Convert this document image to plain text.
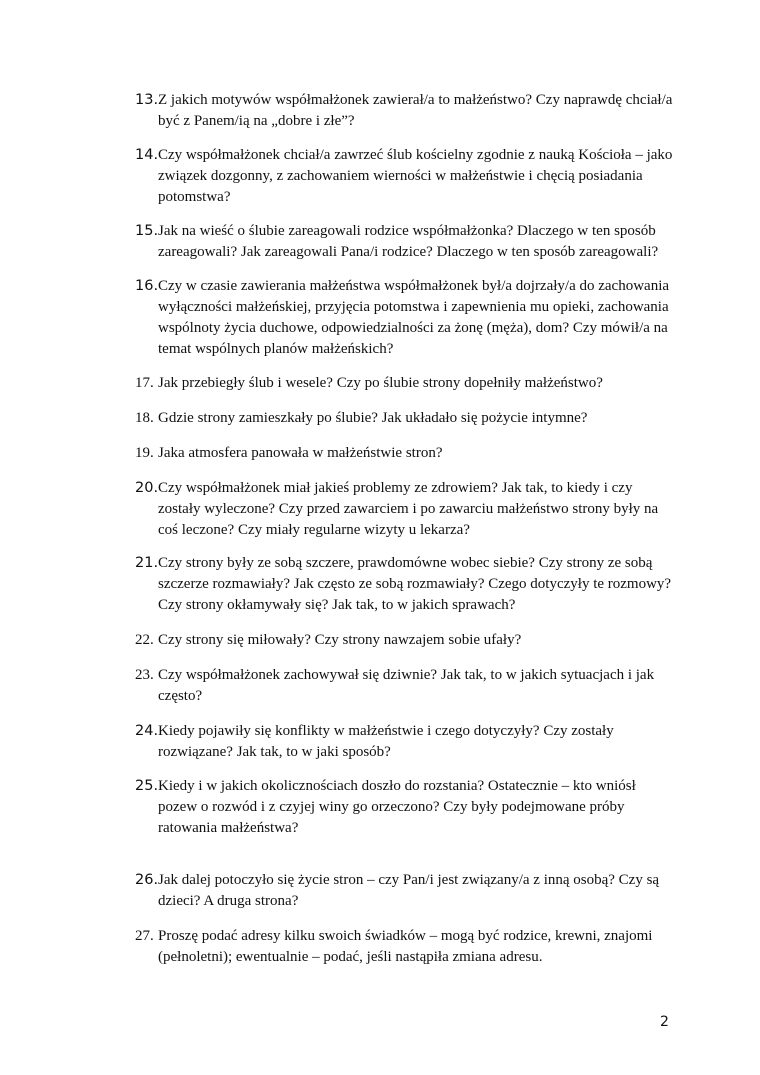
13. Z jakich motywów współmałżonek zawierał/a to małżeństwo? Czy naprawdę chciał/a być z Panem/ią na „dobre i złe”?
14. Czy współmałżonek chciał/a zawrzeć ślub kościelny zgodnie z nauką Kościoła – jako związek dozgonny, z zachowaniem wierności w małżeństwie i chęcią posiadania potomstwa?
15. Jak na wieść o ślubie zareagowali rodzice współmałżonka? Dlaczego w ten sposób zareagowali? Jak zareagowali Pana/i rodzice? Dlaczego w ten sposób zareagowali?
16. Czy w czasie zawierania małżeństwa współmałżonek był/a dojrzały/a do zachowania wyłączności małżeńskiej, przyjęcia potomstwa i zapewnienia mu opieki, zachowania wspólnoty życia duchowe, odpowiedzialności za żonę (męża), dom? Czy mówił/a na temat wspólnych planów małżeńskich?
17. Jak przebiegły ślub i wesele? Czy po ślubie strony dopełniły małżeństwo?
18. Gdzie strony zamieszkały po ślubie? Jak układało się pożycie intymne?
19. Jaka atmosfera panowała w małżeństwie stron?
20. Czy współmałżonek miał jakieś problemy ze zdrowiem? Jak tak, to kiedy i czy zostały wyleczone? Czy przed zawarciem i po zawarciu małżeństwo strony były na coś leczone? Czy miały regularne wizyty u lekarza?
21. Czy strony były ze sobą szczere, prawdomówne wobec siebie? Czy strony ze sobą szczerze rozmawiały? Jak często ze sobą rozmawiały? Czego dotyczyły te rozmowy? Czy strony okłamywały się? Jak tak, to w jakich sprawach?
22. Czy strony się miłowały? Czy strony nawzajem sobie ufały?
23. Czy współmałżonek zachowywał się dziwnie? Jak tak, to w jakich sytuacjach i jak często?
24. Kiedy pojawiły się konflikty w małżeństwie i czego dotyczyły? Czy zostały rozwiązane? Jak tak, to w jaki sposób?
25. Kiedy i w jakich okolicznościach doszło do rozstania? Ostatecznie – kto wniósł pozew o rozwód i z czyjej winy go orzeczono? Czy były podejmowane próby ratowania małżeństwa?
26. Jak dalej potoczyło się życie stron – czy Pan/i jest związany/a z inną osobą? Czy są dzieci? A druga strona?
27. Proszę podać adresy kilku swoich świadków – mogą być rodzice, krewni, znajomi (pełnoletni); ewentualnie – podać, jeśli nastąpiła zmiana adresu.
2
